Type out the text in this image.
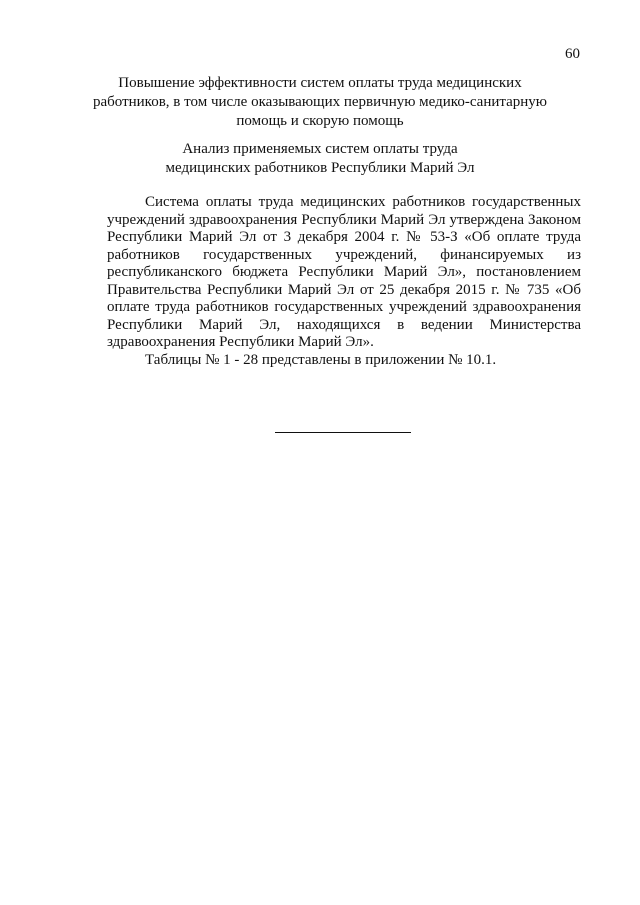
60
Повышение эффективности систем оплаты труда медицинских
работников, в том числе оказывающих первичную медико-санитарную
помощь и скорую помощь
Анализ применяемых систем оплаты труда
медицинских работников Республики Марий Эл

Система оплаты труда медицинских работников государственных учреждений здравоохранения Республики Марий Эл утверждена Законом Республики Марий Эл от 3 декабря 2004 г. № 53-З «Об оплате труда работников государственных учреждений, финансируемых из республиканского бюджета Республики Марий Эл», постановлением Правительства Республики Марий Эл от 25 декабря 2015 г. № 735 «Об оплате труда работников государственных учреждений здравоохранения Республики Марий Эл, находящихся в ведении Министерства здравоохранения Республики Марий Эл».

Таблицы № 1 - 28 представлены в приложении № 10.1.
